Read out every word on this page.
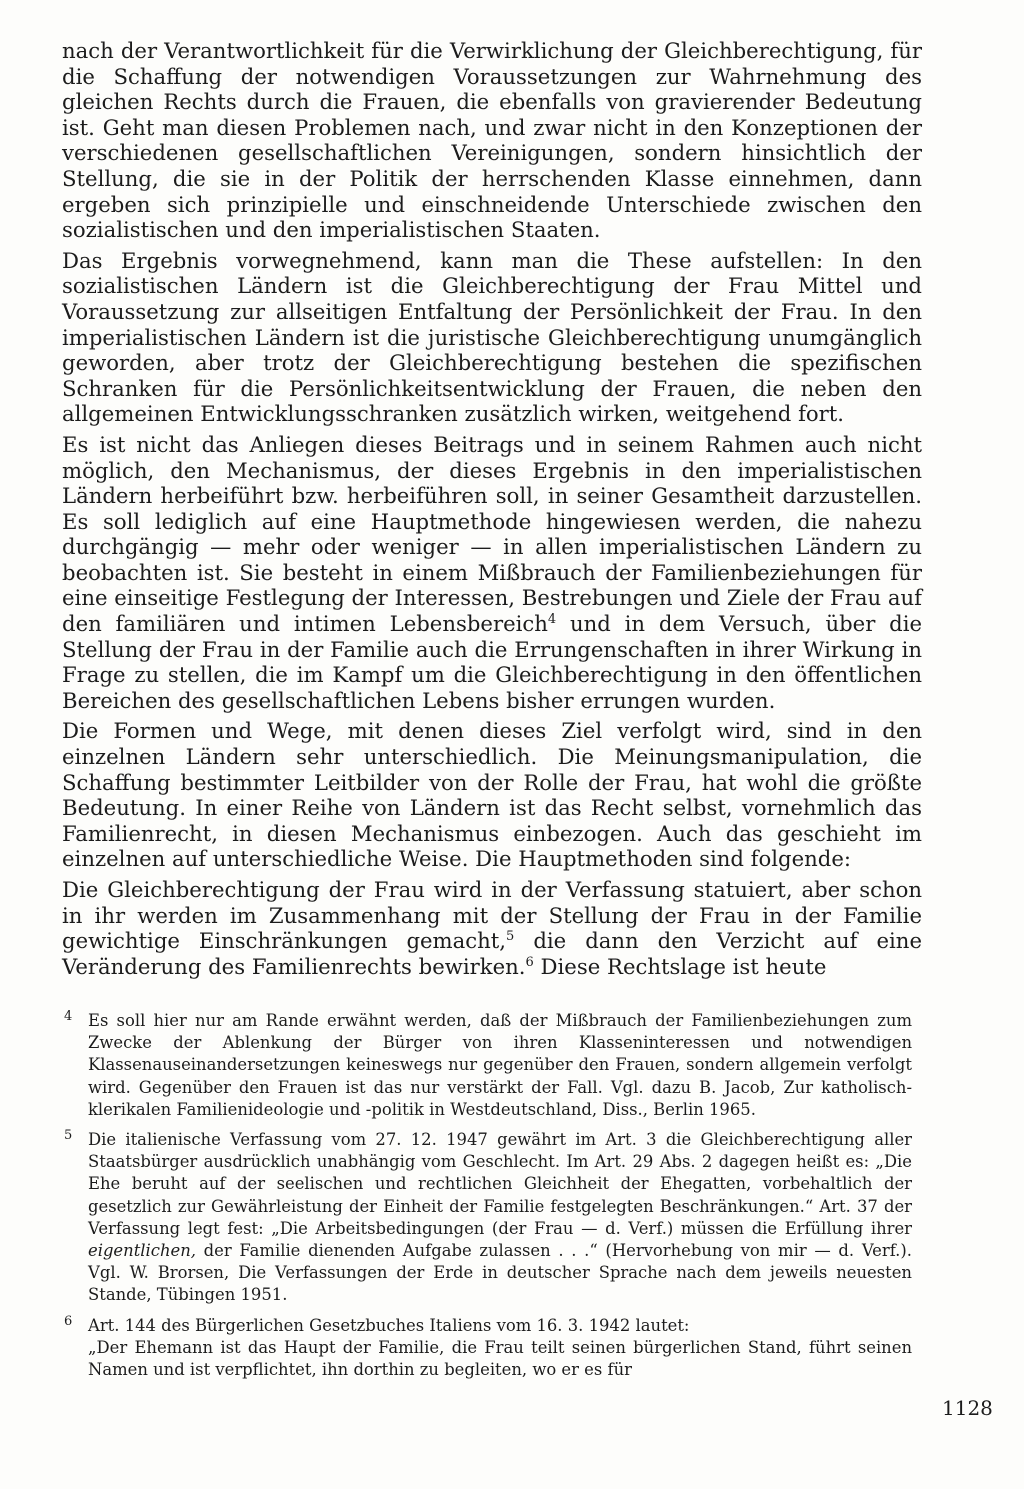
nach der Verantwortlichkeit für die Verwirklichung der Gleichberechtigung, für die Schaffung der notwendigen Voraussetzungen zur Wahrnehmung des gleichen Rechts durch die Frauen, die ebenfalls von gravierender Bedeutung ist. Geht man diesen Problemen nach, und zwar nicht in den Konzeptionen der verschiedenen gesellschaftlichen Vereinigungen, sondern hinsichtlich der Stellung, die sie in der Politik der herrschenden Klasse einnehmen, dann ergeben sich prinzipielle und einschneidende Unterschiede zwischen den sozialistischen und den imperialistischen Staaten.

Das Ergebnis vorwegnehmend, kann man die These aufstellen: In den sozialistischen Ländern ist die Gleichberechtigung der Frau Mittel und Voraussetzung zur allseitigen Entfaltung der Persönlichkeit der Frau. In den imperialistischen Ländern ist die juristische Gleichberechtigung unumgänglich geworden, aber trotz der Gleichberechtigung bestehen die spezifischen Schranken für die Persönlichkeitsentwicklung der Frauen, die neben den allgemeinen Entwicklungsschranken zusätzlich wirken, weitgehend fort.

Es ist nicht das Anliegen dieses Beitrags und in seinem Rahmen auch nicht möglich, den Mechanismus, der dieses Ergebnis in den imperialistischen Ländern herbeiführt bzw. herbeiführen soll, in seiner Gesamtheit darzustellen. Es soll lediglich auf eine Hauptmethode hingewiesen werden, die nahezu durchgängig — mehr oder weniger — in allen imperialistischen Ländern zu beobachten ist. Sie besteht in einem Mißbrauch der Familienbeziehungen für eine einseitige Festlegung der Interessen, Bestrebungen und Ziele der Frau auf den familiären und intimen Lebensbereich$^4$ und in dem Versuch, über die Stellung der Frau in der Familie auch die Errungenschaften in ihrer Wirkung in Frage zu stellen, die im Kampf um die Gleichberechtigung in den öffentlichen Bereichen des gesellschaftlichen Lebens bisher errungen wurden.

Die Formen und Wege, mit denen dieses Ziel verfolgt wird, sind in den einzelnen Ländern sehr unterschiedlich. Die Meinungsmanipulation, die Schaffung bestimmter Leitbilder von der Rolle der Frau, hat wohl die größte Bedeutung. In einer Reihe von Ländern ist das Recht selbst, vornehmlich das Familienrecht, in diesen Mechanismus einbezogen. Auch das geschieht im einzelnen auf unterschiedliche Weise. Die Hauptmethoden sind folgende:

Die Gleichberechtigung der Frau wird in der Verfassung statuiert, aber schon in ihr werden im Zusammenhang mit der Stellung der Frau in der Familie gewichtige Einschränkungen gemacht,$^5$ die dann den Verzicht auf eine Veränderung des Familienrechts bewirken.$^6$ Diese Rechtslage ist heute

4 Es soll hier nur am Rande erwähnt werden, daß der Mißbrauch der Familienbeziehungen zum Zwecke der Ablenkung der Bürger von ihren Klasseninteressen und notwendigen Klassenauseinandersetzungen keineswegs nur gegenüber den Frauen, sondern allgemein verfolgt wird. Gegenüber den Frauen ist das nur verstärkt der Fall. Vgl. dazu B. Jacob, Zur katholisch-klerikalen Familienideologie und -politik in Westdeutschland, Diss., Berlin 1965.
5 Die italienische Verfassung vom 27. 12. 1947 gewährt im Art. 3 die Gleichberechtigung aller Staatsbürger ausdrücklich unabhängig vom Geschlecht. Im Art. 29 Abs. 2 dagegen heißt es: „Die Ehe beruht auf der seelischen und rechtlichen Gleichheit der Ehegatten, vorbehaltlich der gesetzlich zur Gewährleistung der Einheit der Familie festgelegten Beschränkungen.“ Art. 37 der Verfassung legt fest: „Die Arbeitsbedingungen (der Frau — d. Verf.) müssen die Erfüllung ihrer eigentlichen, der Familie dienenden Aufgabe zulassen . . .“ (Hervorhebung von mir — d. Verf.). Vgl. W. Brorsen, Die Verfassungen der Erde in deutscher Sprache nach dem jeweils neuesten Stande, Tübingen 1951.
6 Art. 144 des Bürgerlichen Gesetzbuches Italiens vom 16. 3. 1942 lautet:
„Der Ehemann ist das Haupt der Familie, die Frau teilt seinen bürgerlichen Stand, führt seinen Namen und ist verpflichtet, ihn dorthin zu begleiten, wo er es für
1128
